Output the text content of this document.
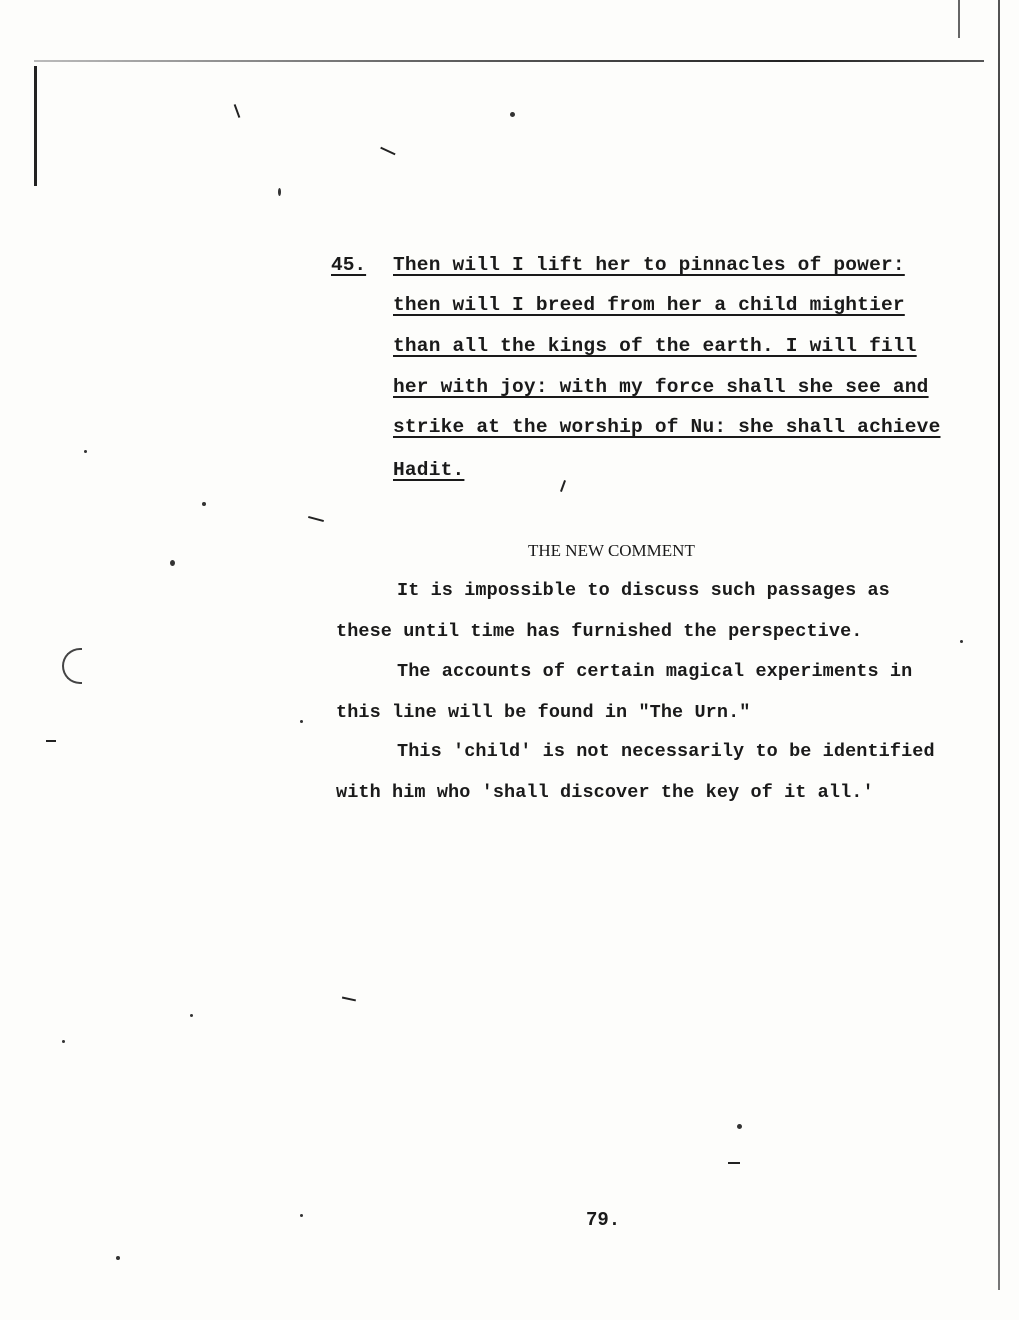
45. Then will I lift her to pinnacles of power:
then will I breed from her a child mightier
than all the kings of the earth. I will fill
her with joy: with my force shall she see and
strike at the worship of Nu: she shall achieve
Hadit.
THE NEW COMMENT
It is impossible to discuss such passages as
these until time has furnished the perspective.
The accounts of certain magical experiments in
this line will be found in "The Urn."
This 'child' is not necessarily to be identified
with him who 'shall discover the key of it all.'
79.
